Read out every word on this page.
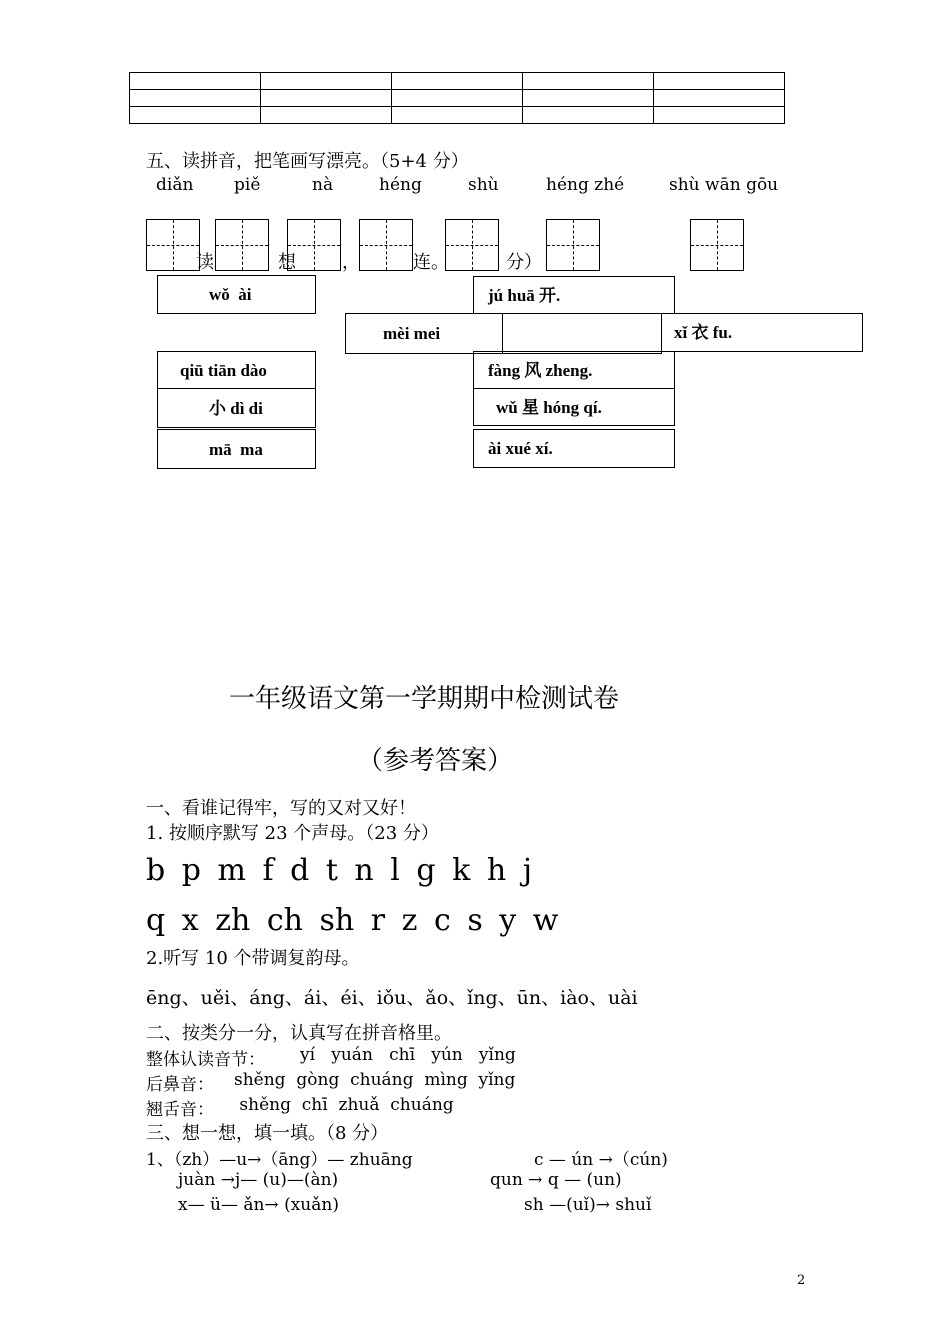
五、读拼音，把笔画写漂亮。（5+4 分）
diǎn piě	nà	héng	shù	héng zhé	shù wān gōu
读	想	，	连。	分）
wǒ  ài	jú huā 开.
mèi mei	xǐ 衣 fu.
qiū tiān dào	fàng 风 zheng.
小 dì di	wǔ 星 hóng qí.
mā  ma	ài xué xí.
一年级语文第一学期期中检测试卷
（参考答案）
一、看谁记得牢，写的又对又好！
1. 按顺序默写 23 个声母。（23 分）
b p m f d t n l g k h j
q x zh ch sh r z c s y w
2.听写 10 个带调复韵母。
ēng、uěi、áng、ái、éi、iǒu、ǎo、ǐng、ūn、iào、uài
二、按类分一分，认真写在拼音格里。
整体认读音节： yí   yuán   chī   yún   yǐng
后鼻音： shěng  gòng  chuáng  mìng  yǐng
翘舌音： shěng  chī  zhuǎ  chuáng
三、想一想，填一填。（8 分）
1、（zh）—u→（āng）— zhuāng	c — ún →（cún)
juàn →j— (u)—(àn)	qun → q — (un)
x— ü— ǎn→ (xuǎn)	sh —(uǐ)→ shuǐ
2
